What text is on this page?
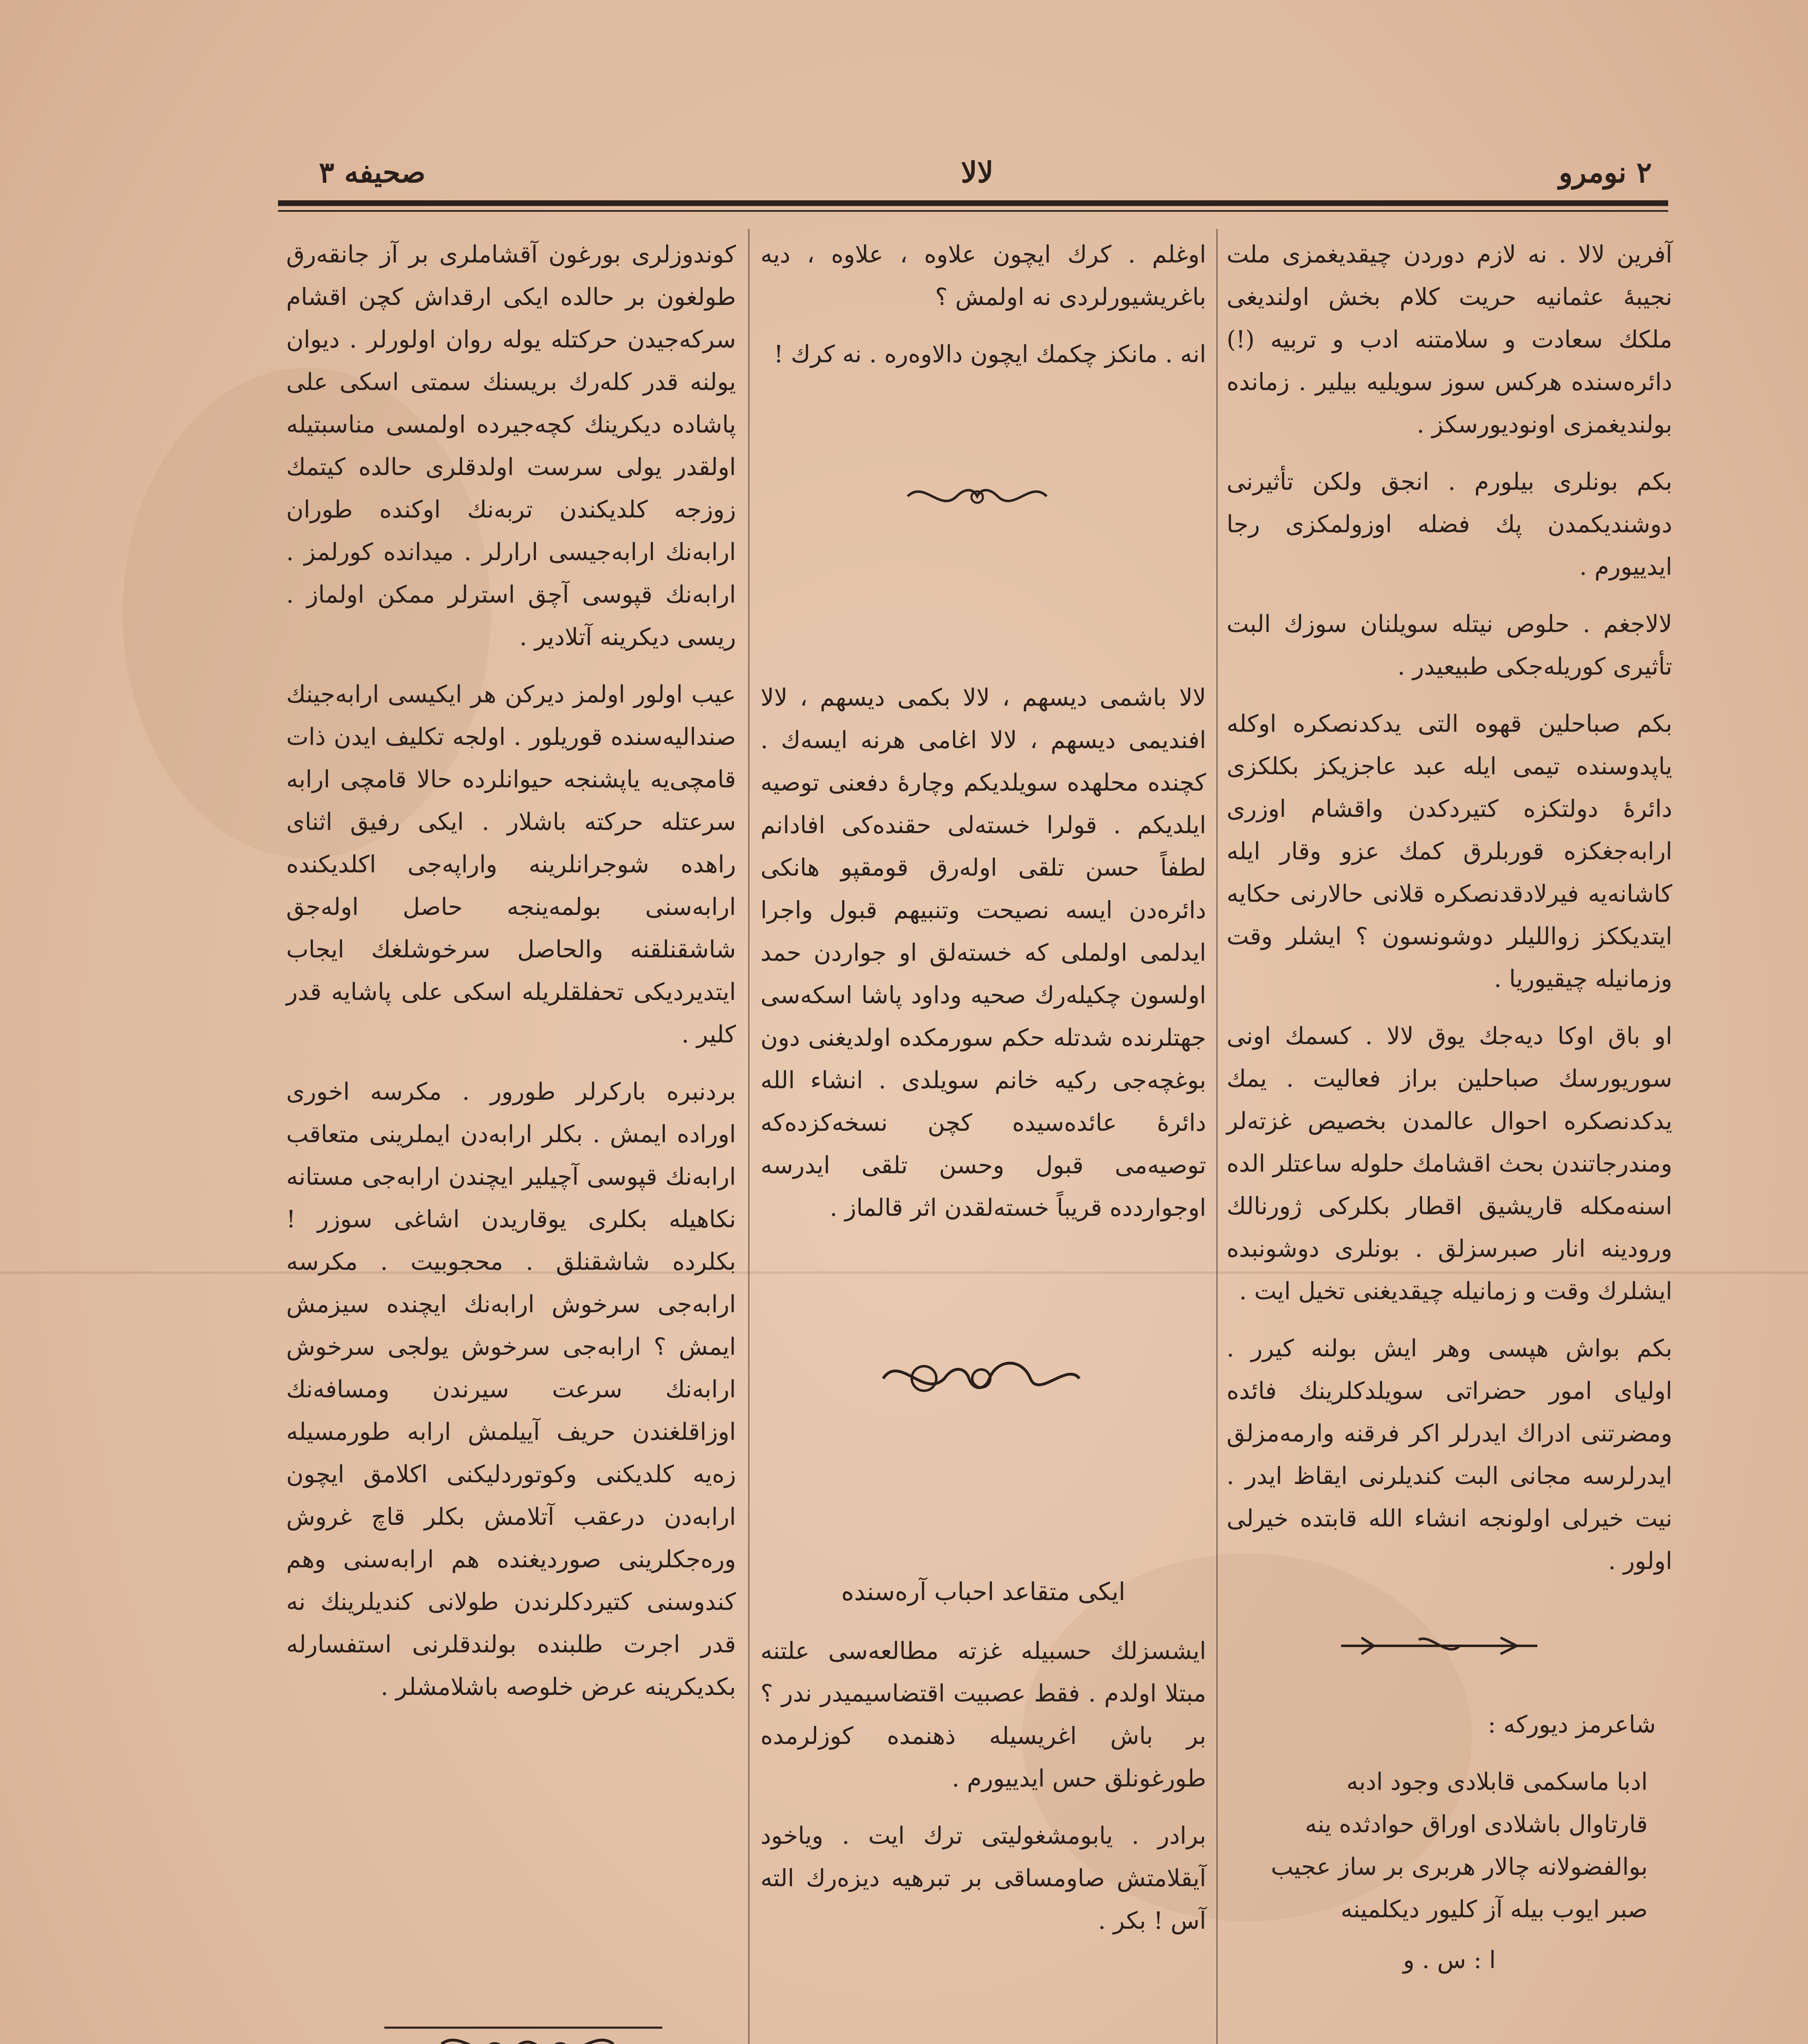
صحیفه ۳	لالا	۲ نومرو

آفرین لالا . نه لازم دوردن چیقدیغمزی ملت نجیبهٔ عثمانیه حریت کلام بخش اولندیغی ملکك سعادت و سلامتنه ادب و تربیه (!) دائره‌سنده هرکس سوز سویلیه بیلیر . زمانده بولندیغمزی اونودیورسکز .

بکم بونلری بیلورم . انجق ولکن تأثیرنی دوشندیکمدن پك فضله اوزولمکزی رجا ایدییورم .

لالاجغم . حلوص نیتله سویلنان سوزك البت تأثیری کوریله‌جکی طبیعیدر .

بکم صباحلین قهوه التی یدکدنصکره اوکله یاپدوسنده تیمی ایله عبد عاجزیکز بکلکزی دائرهٔ دولتکزه کتیردکدن واقشام اوزری ارابه‌جغکزه قوربلرق کمك عزو وقار ایله کاشانه‌یه فیرلادقدنصکره قلانی حالارنی حکایه ایتدیککز زواللیلر دوشونسون ؟ ایشلر وقت وزمانیله چیقیوریا .

او باق اوکا دیه‌جك یوق لالا . کسمك اونی سوریورسك صباحلین براز فعالیت . یمك یدکدنصکره احوال عالمدن بخصیص غزته‌لر ومندرجاتندن بحث اقشامك حلوله ساعتلر الده اسنه‌مکله قاریشیق اقطار بکلرکی ژورنالك ورودینه انار صبرسزلق . بونلری دوشونبده ایشلرك وقت و زمانیله چیقدیغنی تخیل ایت .

بکم بواش هپسی وهر ایش بولنه کیرر . اولیای امور حضراتی سویلدکلرینك فائده ومضرتنی ادراك ایدرلر اکر فرقنه وارمه‌مزلق ایدرلرسه مجانی البت کندیلرنی ایقاظ ایدر . نیت خیرلی اولونجه انشاء الله قابتده خیرلی اولور .

شاعرمز دیورکه :

ادبا ماسکمی قابلادی وجود ادبه
قارتاوال باشلادی اوراق حوادثده ینه
بوالفضولانه چالار هربری بر ساز عجیب
صبر ایوب بیله آز کلیور دیکلمینه
ا : س . و

اوغلم . کرك ایچون علاوه ، علاوه ، دیه باغریشیورلردی نه اولمش ؟

انه . مانکز چکمك ایچون دالاوه‌ره . نه کرك !

لالا باشمی دیسهم ، لالا بکمی دیسهم ، لالا افندیمی دیسهم ، لالا اغامی هرنه ایسه‌ك . کچنده محلهده سویلدیکم وچارهٔ دفعنی توصیه ایلدیکم . قولرا خسته‌لی حقنده‌کی افادانم لطفاً حسن تلقی اوله‌رق قومقپو هانکی دائره‌دن ایسه نصیحت وتنبیهم قبول واجرا ایدلمی اولملی که خسته‌لق او جواردن حمد اولسون چکیله‌رك صحیه وداود پاشا اسکه‌سی جهتلرنده شدتله حکم سورمکده اولدیغنی دون بوغچه‌جی رکیه خانم سویلدی . انشاء الله دائرهٔ عائده‌سیده کچن نسخه‌کزده‌که توصیه‌می قبول وحسن تلقی ایدرسه اوجواردده قریباً خسته‌لقدن اثر قالماز .

ایکی متقاعد احباب آره‌سنده

ایشسزلك حسبیله غزته مطالعه‌سی علتنه مبتلا اولدم . فقط عصبیت اقتضاسیمیدر ندر ؟ بر باش اغریسیله ذهنمده کوزلرمده طورغونلق حس ایدییورم .

برادر . یابومشغولیتی ترك ایت . ویاخود آیقلامتش صاومساقی بر تبرهیه دیزه‌رك الته آس ! بکر .

کوندوزلری بورغون آقشاملری بر آز جانقه‌رق طولغون بر حالده ایکی ارقداش کچن اقشام سرکه‌جیدن حرکتله یوله روان اولورلر . دیوان یولنه قدر کله‌رك بریسنك سمتی اسکی علی پاشاده دیکرینك کچه‌جیرده اولمسی مناسبتیله اولقدر یولی سرست اولدقلری حالده کیتمك زوزجه کلدیکندن تربه‌نك اوکنده طوران ارابه‌نك ارابه‌جیسی ارارلر . میدانده کورلمز . ارابه‌نك قپوسی آچق استرلر ممکن اولماز . ریسی دیکرینه آتلادیر .

عیب اولور اولمز دیرکن هر ایکیسی ارابه‌جینك صندالیه‌سنده قوریلور . اولجه تکلیف ایدن ذات قامچی‌یه یاپشنجه حیوانلرده حالا قامچی ارابه سرعتله حرکته باشلار . ایکی رفیق اثنای راهده شوجرانلرینه واراپه‌جی اکلدیکنده ارابه‌سنی بولمه‌ینجه حاصل اوله‌جق شاشقنلقنه والحاصل سرخوشلغك ایجاب ایتدیردیکی تحفلقلریله اسکی علی پاشایه قدر کلیر .

بردنبره بارکرلر طورور . مکرسه اخوری اوراده ایمش . بکلر ارابه‌دن ایملرینی متعاقب ارابه‌نك قپوسی آچیلیر ایچندن ارابه‌جی مستانه نکاهیله بکلری یوقاریدن اشاغی سوزر ! بکلرده شاشقنلق . محجوبیت . مکرسه ارابه‌جی سرخوش ارابه‌نك ایچنده سیزمش ایمش ؟ ارابه‌جی سرخوش یولجی سرخوش ارابه‌نك سرعت سیرندن ومسافه‌نك اوزاقلغندن حریف آییلمش ارابه طورمسیله زه‌یه کلدیکنی وکوتوردلیکنی اکلامق ایچون ارابه‌دن درعقب آتلامش بکلر قاچ غروش وره‌جکلرینی صوردیغنده هم ارابه‌سنی وهم کندوسنی کتیردکلرندن طولانی کندیلرینك نه قدر اجرت طلبنده بولندقلرنی استفسارله بکدیکرینه عرض خلوصه باشلامشلر .
